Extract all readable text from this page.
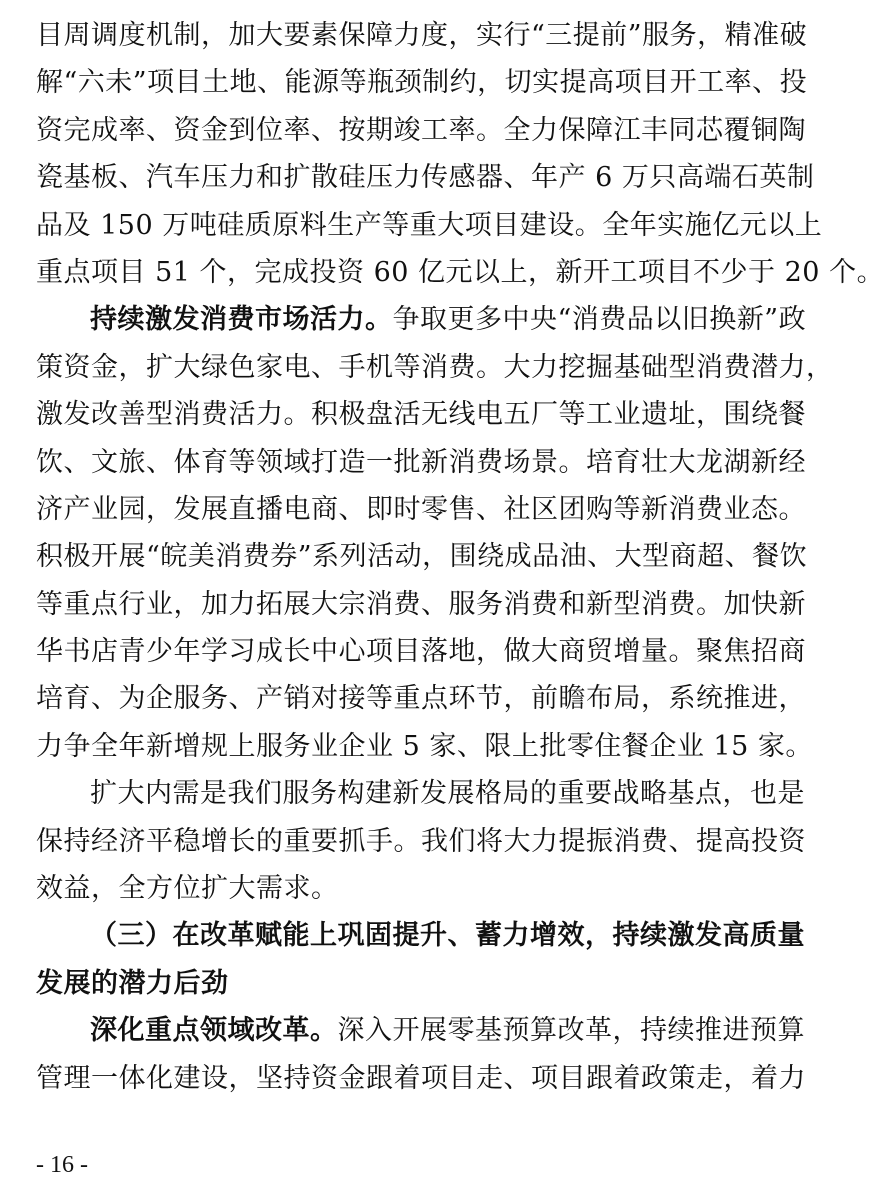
目周调度机制，加大要素保障力度，实行“三提前”服务，精准破
解“六未”项目土地、能源等瓶颈制约，切实提高项目开工率、投
资完成率、资金到位率、按期竣工率。全力保障江丰同芯覆铜陶
瓷基板、汽车压力和扩散硅压力传感器、年产 6 万只高端石英制
品及 150 万吨硅质原料生产等重大项目建设。全年实施亿元以上
重点项目 51 个，完成投资 60 亿元以上，新开工项目不少于 20 个。
持续激发消费市场活力。争取更多中央“消费品以旧换新”政
策资金，扩大绿色家电、手机等消费。大力挖掘基础型消费潜力，
激发改善型消费活力。积极盘活无线电五厂等工业遗址，围绕餐
饮、文旅、体育等领域打造一批新消费场景。培育壮大龙湖新经
济产业园，发展直播电商、即时零售、社区团购等新消费业态。
积极开展“皖美消费券”系列活动，围绕成品油、大型商超、餐饮
等重点行业，加力拓展大宗消费、服务消费和新型消费。加快新
华书店青少年学习成长中心项目落地，做大商贸增量。聚焦招商
培育、为企服务、产销对接等重点环节，前瞻布局，系统推进，
力争全年新增规上服务业企业 5 家、限上批零住餐企业 15 家。
扩大内需是我们服务构建新发展格局的重要战略基点，也是
保持经济平稳增长的重要抓手。我们将大力提振消费、提高投资
效益，全方位扩大需求。
（三）在改革赋能上巩固提升、蓄力增效，持续激发高质量
发展的潜力后劲
深化重点领域改革。深入开展零基预算改革，持续推进预算
管理一体化建设，坚持资金跟着项目走、项目跟着政策走，着力
- 16 -
